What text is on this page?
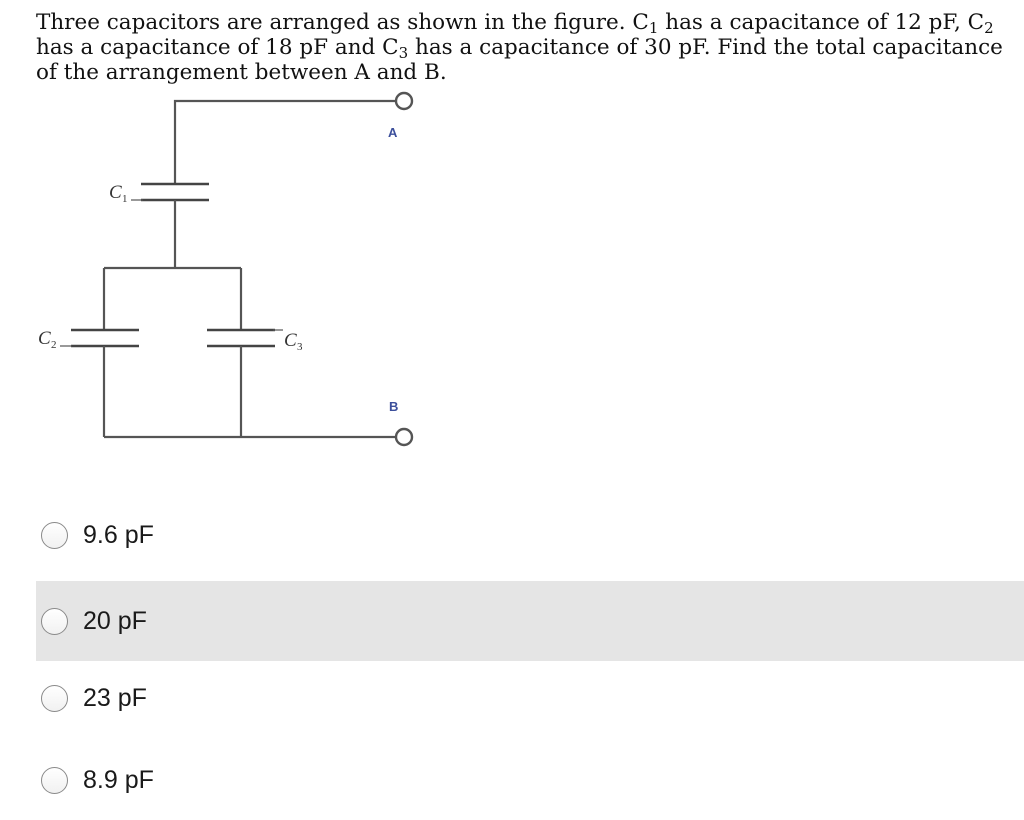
Three capacitors are arranged as shown in the figure. $C_1$ has a capacitance of 12 pF, $C_2$ has a capacitance of 18 pF and $C_3$ has a capacitance of 30 pF. Find the total capacitance of the arrangement between A and B.
A
C 1
C 2	C 3
B
9.6 pF
20 pF
23 pF
8.9 pF
